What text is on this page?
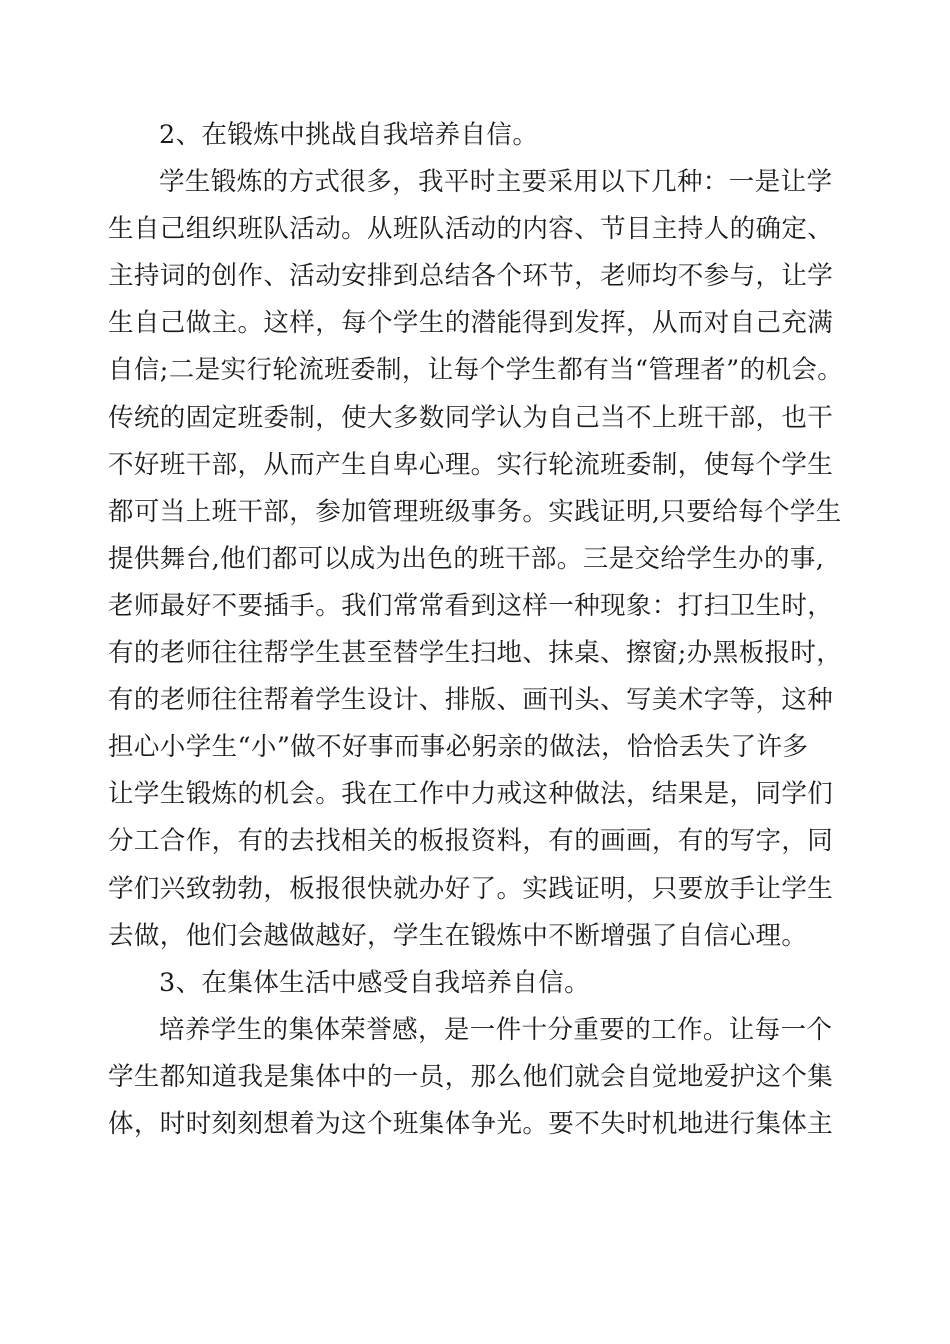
2、在锻炼中挑战自我培养自信。
学生锻炼的方式很多，我平时主要采用以下几种：一是让学
生自己组织班队活动。从班队活动的内容、节目主持人的确定、
主持词的创作、活动安排到总结各个环节，老师均不参与，让学
生自己做主。这样，每个学生的潜能得到发挥，从而对自己充满
自信;二是实行轮流班委制，让每个学生都有当“管理者”的机会。
传统的固定班委制，使大多数同学认为自己当不上班干部，也干
不好班干部，从而产生自卑心理。实行轮流班委制，使每个学生
都可当上班干部，参加管理班级事务。实践证明,只要给每个学生
提供舞台,他们都可以成为出色的班干部。三是交给学生办的事,
老师最好不要插手。我们常常看到这样一种现象：打扫卫生时，
有的老师往往帮学生甚至替学生扫地、抹桌、擦窗;办黑板报时，
有的老师往往帮着学生设计、排版、画刊头、写美术字等，这种
担心小学生“小”做不好事而事必躬亲的做法，恰恰丢失了许多
让学生锻炼的机会。我在工作中力戒这种做法，结果是，同学们
分工合作，有的去找相关的板报资料，有的画画，有的写字，同
学们兴致勃勃，板报很快就办好了。实践证明，只要放手让学生
去做，他们会越做越好，学生在锻炼中不断增强了自信心理。
3、在集体生活中感受自我培养自信。
培养学生的集体荣誉感，是一件十分重要的工作。让每一个
学生都知道我是集体中的一员，那么他们就会自觉地爱护这个集
体，时时刻刻想着为这个班集体争光。要不失时机地进行集体主
